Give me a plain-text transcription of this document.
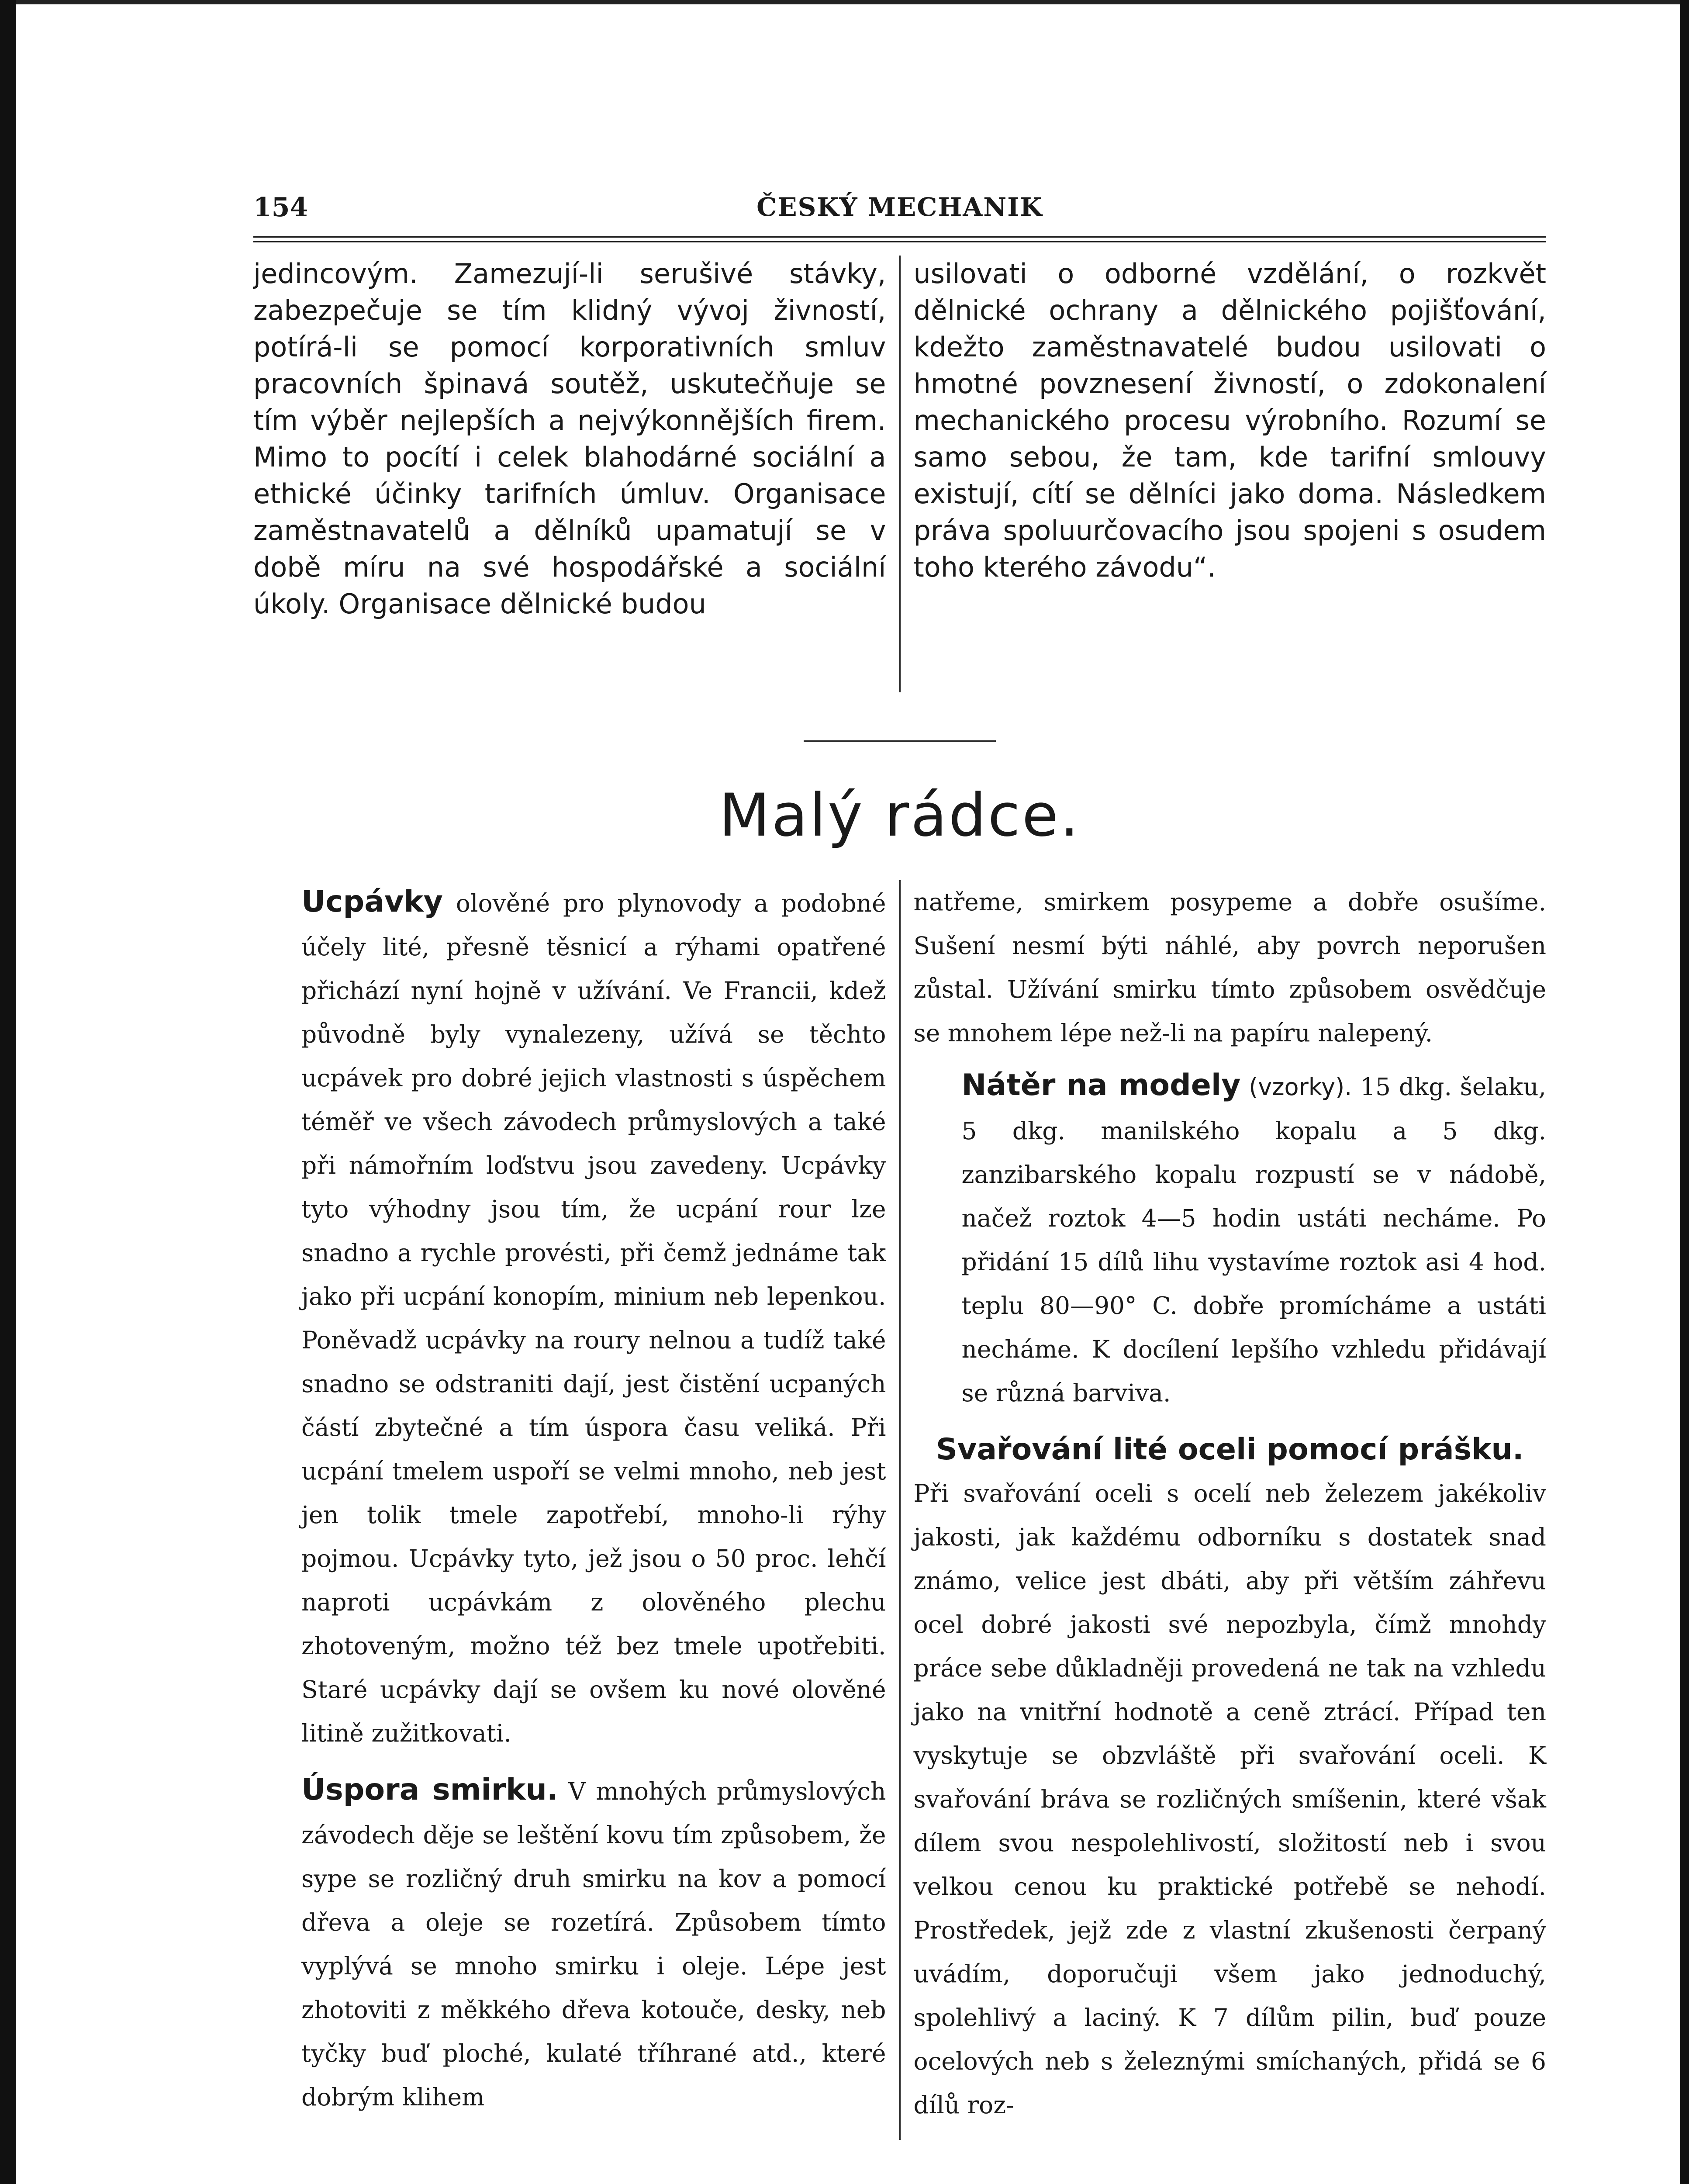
154	ČESKÝ MECHANIK

jedincovým. Zamezují-li serušivé stávky, zabezpečuje se tím klidný vývoj živností, potírá-li se pomocí korporativních smluv pracovních špinavá soutěž, uskutečňuje se tím výběr nejlepších a nejvýkonnějších firem. Mimo to pocítí i celek blahodárné sociální a ethické účinky tarifních úmluv. Organisace zaměstnavatelů a dělníků upamatují se v době míru na své hospodářské a sociální úkoly. Organisace dělnické budou

usilovati o odborné vzdělání, o rozkvět dělnické ochrany a dělnického pojišťování, kdežto zaměstnavatelé budou usilovati o hmotné povznesení živností, o zdokonalení mechanického procesu výrobního. Rozumí se samo sebou, že tam, kde tarifní smlouvy existují, cítí se dělníci jako doma. Následkem práva spoluurčovacího jsou spojeni s osudem toho kterého závodu“.

Malý rádce.

Ucpávky olověné pro plynovody a podobné účely lité, přesně těsnicí a rýhami opatřené přichází nyní hojně v užívání. Ve Francii, kdež původně byly vynalezeny, užívá se těchto ucpávek pro dobré jejich vlastnosti s úspěchem téměř ve všech závodech průmyslových a také při námořním loďstvu jsou zavedeny. Ucpávky tyto výhodny jsou tím, že ucpání rour lze snadno a rychle provésti, při čemž jednáme tak jako při ucpání konopím, minium neb lepenkou. Poněvadž ucpávky na roury nelnou a tudíž také snadno se odstraniti dají, jest čistění ucpaných částí zbytečné a tím úspora času veliká. Při ucpání tmelem uspoří se velmi mnoho, neb jest jen tolik tmele zapotřebí, mnoho-li rýhy pojmou. Ucpávky tyto, jež jsou o 50 proc. lehčí naproti ucpávkám z olověného plechu zhotoveným, možno též bez tmele upotřebiti. Staré ucpávky dají se ovšem ku nové olověné litině zužitkovati.

Úspora smirku. V mnohých průmyslových závodech děje se leštění kovu tím způsobem, že sype se rozličný druh smirku na kov a pomocí dřeva a oleje se rozetírá. Způsobem tímto vyplývá se mnoho smirku i oleje. Lépe jest zhotoviti z měkkého dřeva kotouče, desky, neb tyčky buď ploché, kulaté tříhrané atd., které dobrým klihem

natřeme, smirkem posypeme a dobře osušíme. Sušení nesmí býti náhlé, aby povrch neporušen zůstal. Užívání smirku tímto způsobem osvědčuje se mnohem lépe než-li na papíru nalepený.

Nátěr na modely (vzorky). 15 dkg. šelaku, 5 dkg. manilského kopalu a 5 dkg. zanzibarského kopalu rozpustí se v nádobě, načež roztok 4—5 hodin ustáti necháme. Po přidání 15 dílů lihu vystavíme roztok asi 4 hod. teplu 80—90° C. dobře promícháme a ustáti necháme. K docílení lepšího vzhledu přidávají se různá barviva.

Svařování lité oceli pomocí prášku.
Při svařování oceli s ocelí neb železem jakékoliv jakosti, jak každému odborníku s dostatek snad známo, velice jest dbáti, aby při větším záhřevu ocel dobré jakosti své nepozbyla, čímž mnohdy práce sebe důkladněji provedená ne tak na vzhledu jako na vnitřní hodnotě a ceně ztrácí. Případ ten vyskytuje se obzvláště při svařování oceli. K svařování bráva se rozličných smíšenin, které však dílem svou nespolehlivostí, složitostí neb i svou velkou cenou ku praktické potřebě se nehodí. Prostředek, jejž zde z vlastní zkušenosti čerpaný uvádím, doporučuji všem jako jednoduchý, spolehlivý a laciný. K 7 dílům pilin, buď pouze ocelových neb s železnými smíchaných, přidá se 6 dílů roz-
